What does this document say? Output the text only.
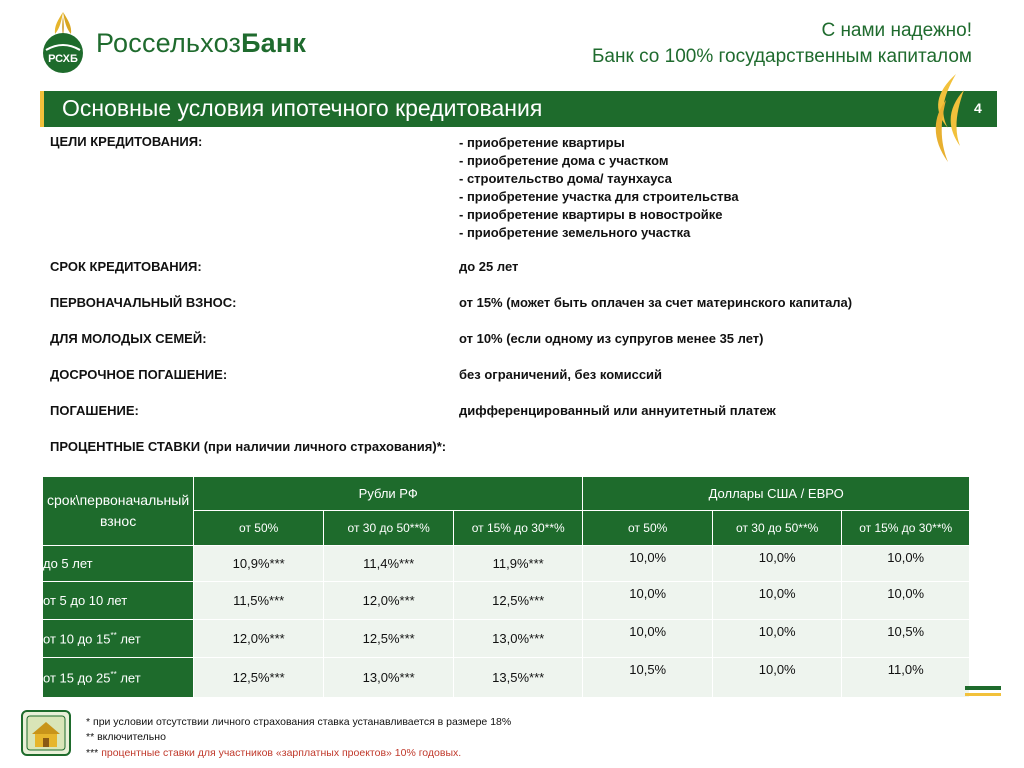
РСХБ
РоссельхозБанк	С нами надежно!
Банк со 100% государственным капиталом
Основные условия ипотечного кредитования	4
ЦЕЛИ КРЕДИТОВАНИЯ:	- приобретение квартиры
- приобретение дома с участком
- строительство дома/ таунхауса
- приобретение участка для строительства
- приобретение квартиры в новостройке
- приобретение земельного участка
СРОК КРЕДИТОВАНИЯ:	до 25 лет
ПЕРВОНАЧАЛЬНЫЙ ВЗНОС:	от 15% (может быть оплачен за счет материнского капитала)
ДЛЯ МОЛОДЫХ СЕМЕЙ:	от 10% (если одному из супругов менее 35 лет)
ДОСРОЧНОЕ ПОГАШЕНИЕ:	без ограничений, без комиссий
ПОГАШЕНИЕ:	дифференцированный или аннуитетный платеж
ПРОЦЕНТНЫЕ СТАВКИ (при наличии личного страхования)*:
срок\первоначальный взнос	Рубли РФ			Доллары США / ЕВРО		
	от 50%	от 30 до 50**%	от 15% до 30**%	от 50%	от 30 до 50**%	от 15% до 30**%
до 5 лет	10,9%***	11,4%***	11,9%***	10,0%	10,0%	10,0%
от 5 до 10 лет	11,5%***	12,0%***	12,5%***	10,0%	10,0%	10,0%
от 10 до 15** лет	12,0%***	12,5%***	13,0%***	10,0%	10,0%	10,5%
от 15 до 25** лет	12,5%***	13,0%***	13,5%***	10,5%	10,0%	11,0%
* при условии отсутствии личного страхования ставка устанавливается в размере 18%
** включительно
*** процентные ставки для участников «зарплатных проектов» 10% годовых.
